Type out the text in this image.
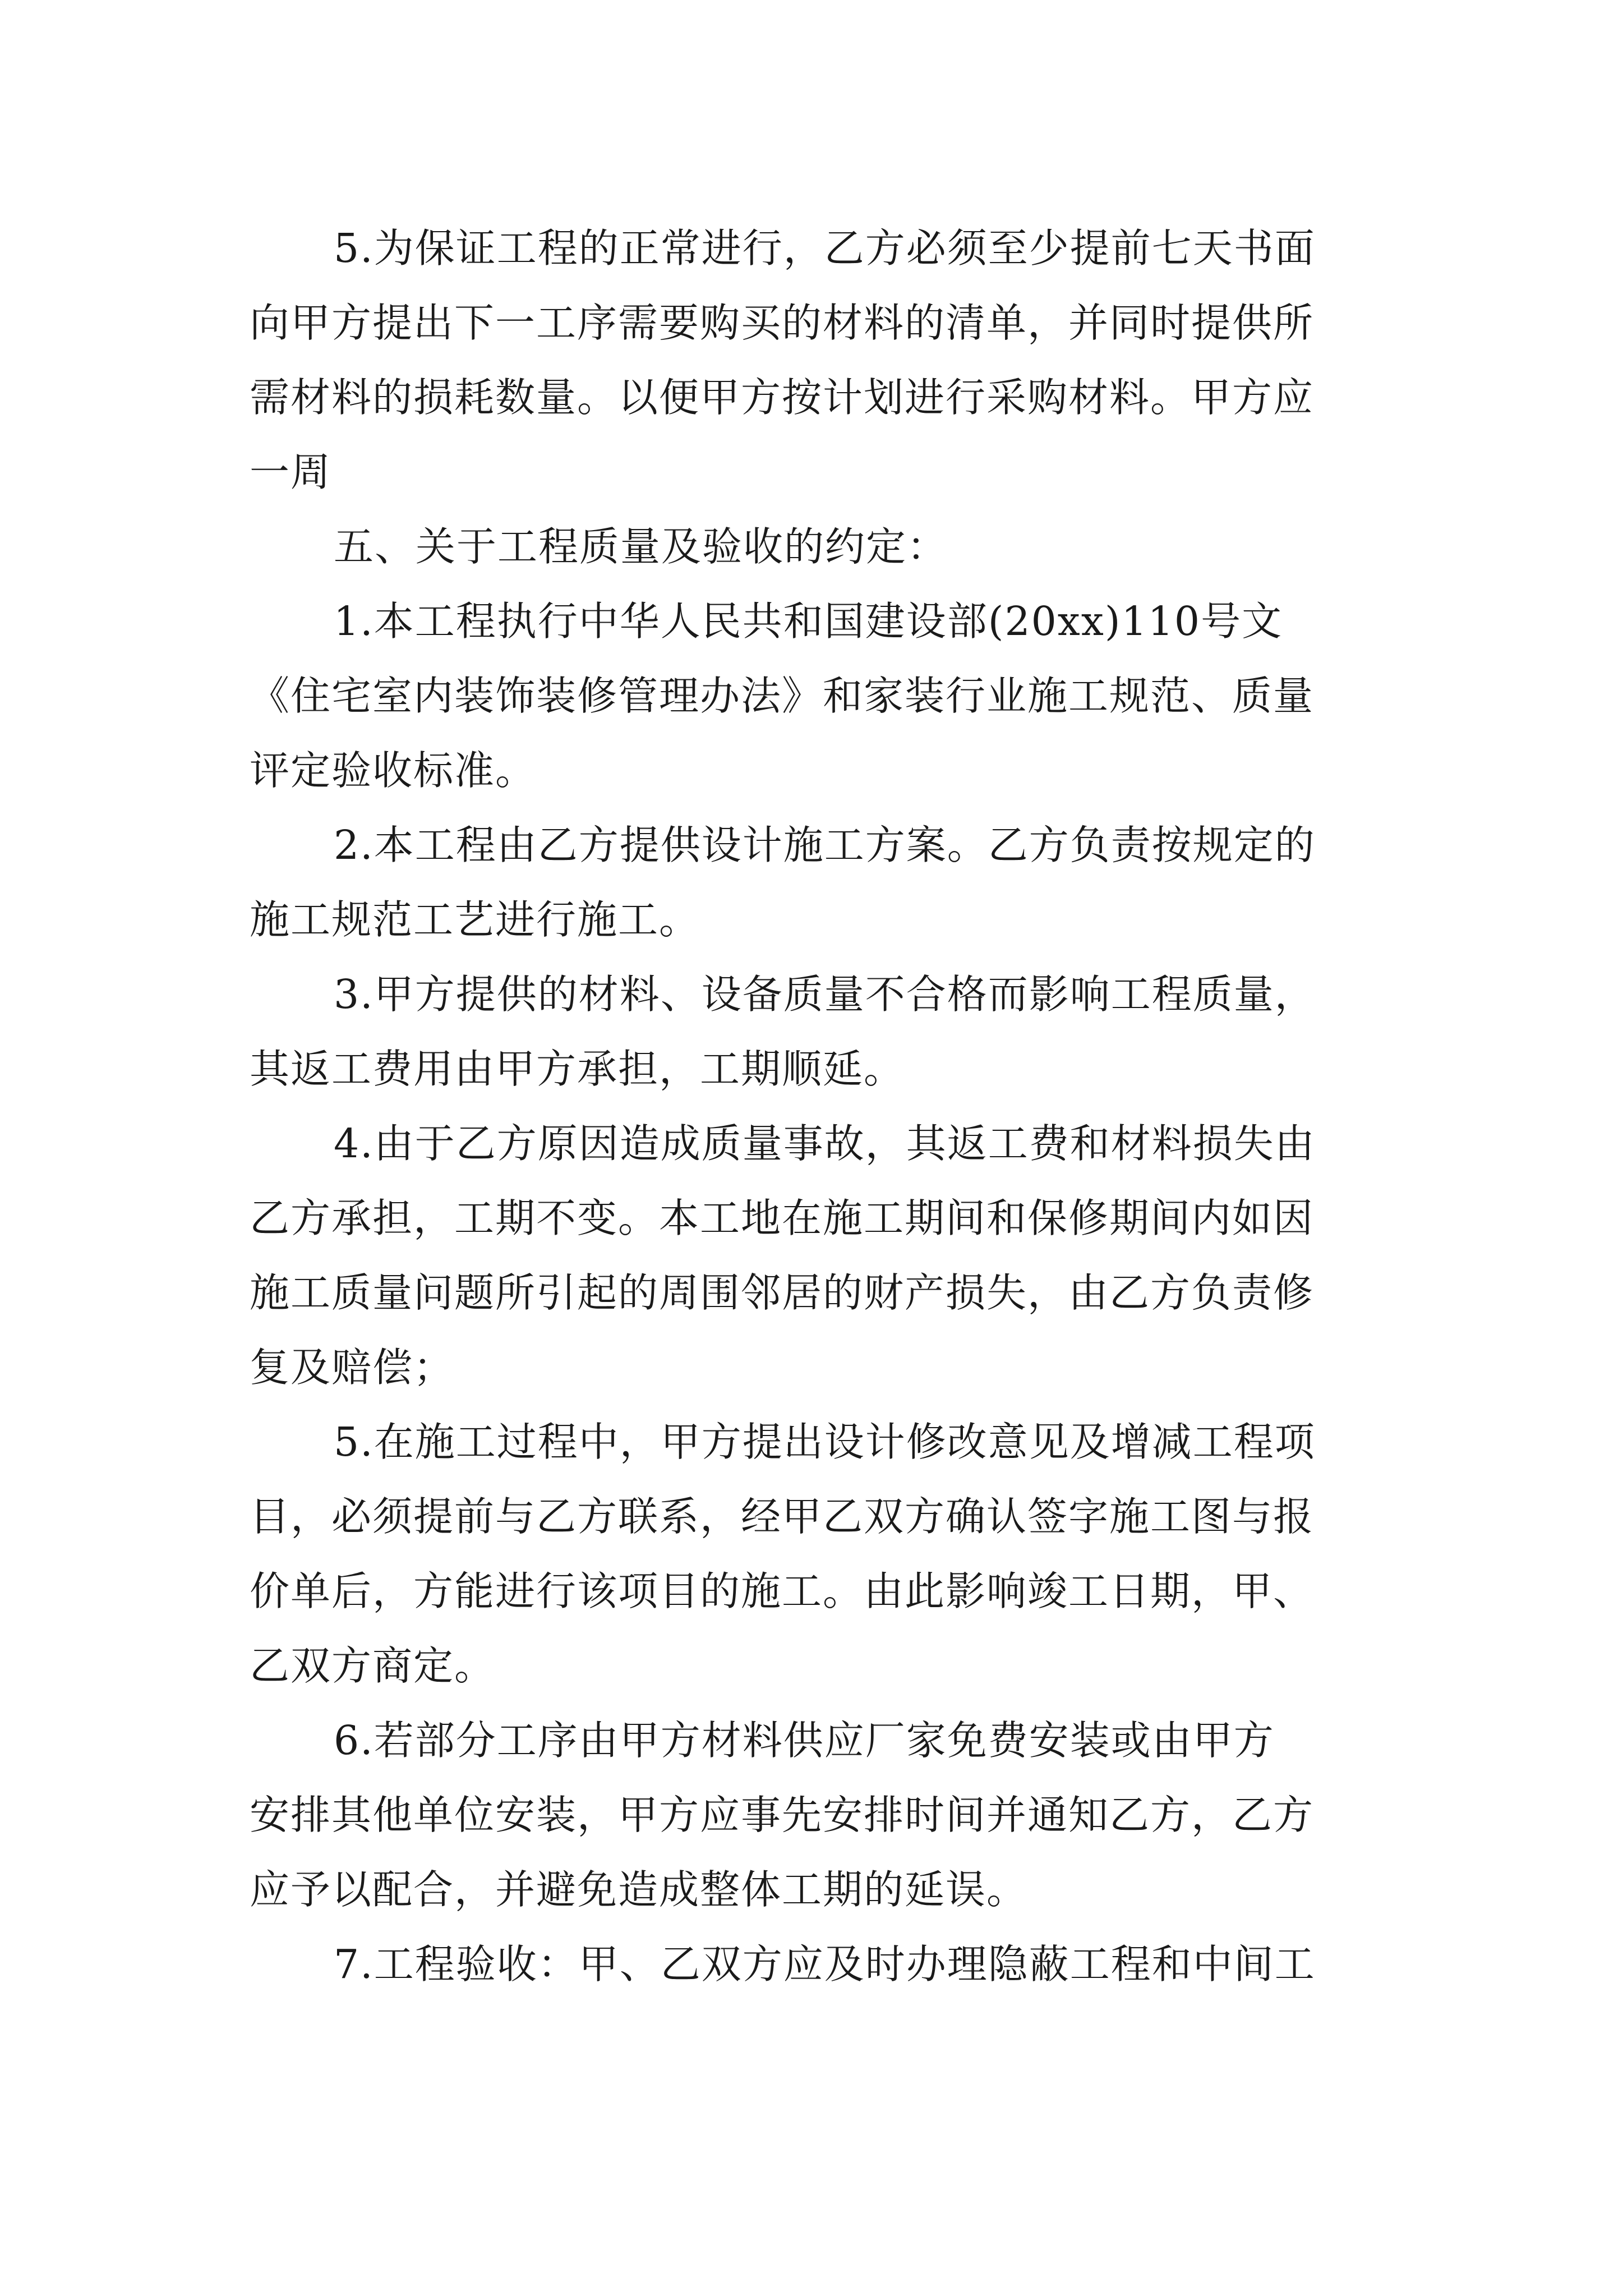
5.为保证工程的正常进行，乙方必须至少提前七天书面
向甲方提出下一工序需要购买的材料的清单，并同时提供所
需材料的损耗数量。以便甲方按计划进行采购材料。甲方应
一周
五、关于工程质量及验收的约定：
1.本工程执行中华人民共和国建设部(20xx)110号文
《住宅室内装饰装修管理办法》和家装行业施工规范、质量
评定验收标准。
2.本工程由乙方提供设计施工方案。乙方负责按规定的
施工规范工艺进行施工。
3.甲方提供的材料、设备质量不合格而影响工程质量，
其返工费用由甲方承担，工期顺延。
4.由于乙方原因造成质量事故，其返工费和材料损失由
乙方承担，工期不变。本工地在施工期间和保修期间内如因
施工质量问题所引起的周围邻居的财产损失，由乙方负责修
复及赔偿；
5.在施工过程中，甲方提出设计修改意见及增减工程项
目，必须提前与乙方联系，经甲乙双方确认签字施工图与报
价单后，方能进行该项目的施工。由此影响竣工日期，甲、
乙双方商定。
6.若部分工序由甲方材料供应厂家免费安装或由甲方
安排其他单位安装，甲方应事先安排时间并通知乙方，乙方
应予以配合，并避免造成整体工期的延误。
7.工程验收：甲、乙双方应及时办理隐蔽工程和中间工
